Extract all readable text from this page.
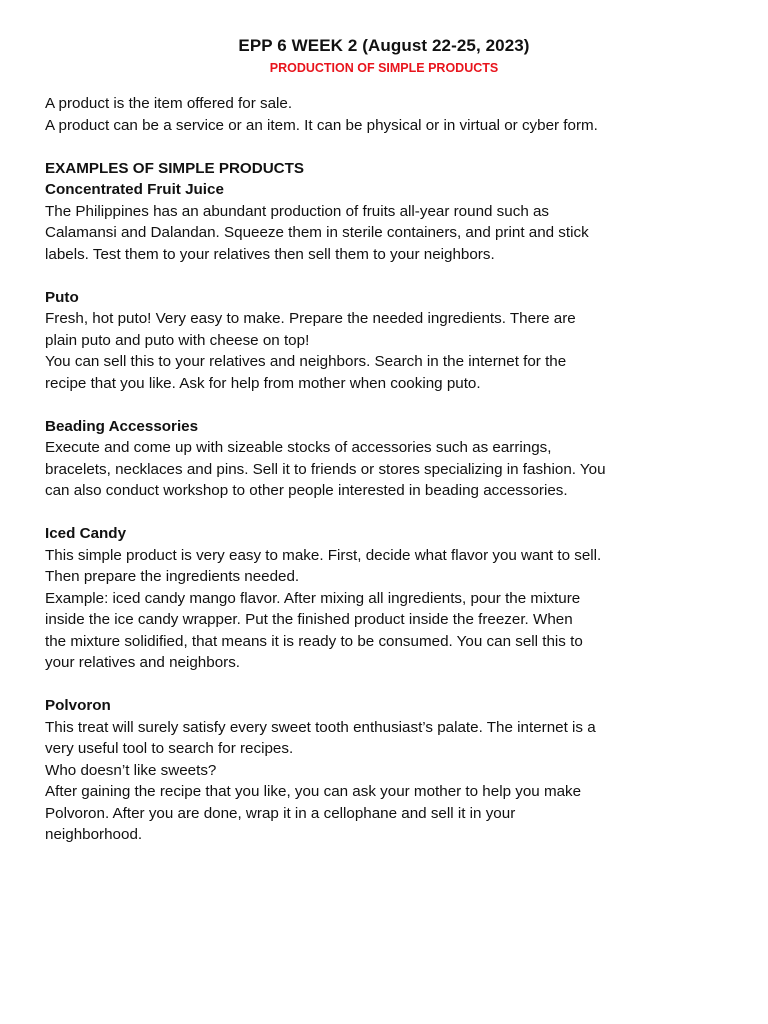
EPP 6 WEEK 2 (August 22-25, 2023)
PRODUCTION OF SIMPLE PRODUCTS

A product is the item offered for sale.

A product can be a service or an item. It can be physical or in virtual or cyber form.

EXAMPLES OF SIMPLE PRODUCTS

Concentrated Fruit Juice

The Philippines has an abundant production of fruits all-year round such as

Calamansi and Dalandan. Squeeze them in sterile containers, and print and stick

labels. Test them to your relatives then sell them to your neighbors.

Puto

Fresh, hot puto! Very easy to make. Prepare the needed ingredients. There are

plain puto and puto with cheese on top!

You can sell this to your relatives and neighbors. Search in the internet for the

recipe that you like. Ask for help from mother when cooking puto.

Beading Accessories

Execute and come up with sizeable stocks of accessories such as earrings,

bracelets, necklaces and pins. Sell it to friends or stores specializing in fashion. You

can also conduct workshop to other people interested in beading accessories.

Iced Candy

This simple product is very easy to make. First, decide what flavor you want to sell.

Then prepare the ingredients needed.

Example: iced candy mango flavor. After mixing all ingredients, pour the mixture

inside the ice candy wrapper. Put the finished product inside the freezer. When

the mixture solidified, that means it is ready to be consumed. You can sell this to

your relatives and neighbors.

Polvoron

This treat will surely satisfy every sweet tooth enthusiast’s palate. The internet is a

very useful tool to search for recipes.

Who doesn’t like sweets?

After gaining the recipe that you like, you can ask your mother to help you make

Polvoron. After you are done, wrap it in a cellophane and sell it in your

neighborhood.
